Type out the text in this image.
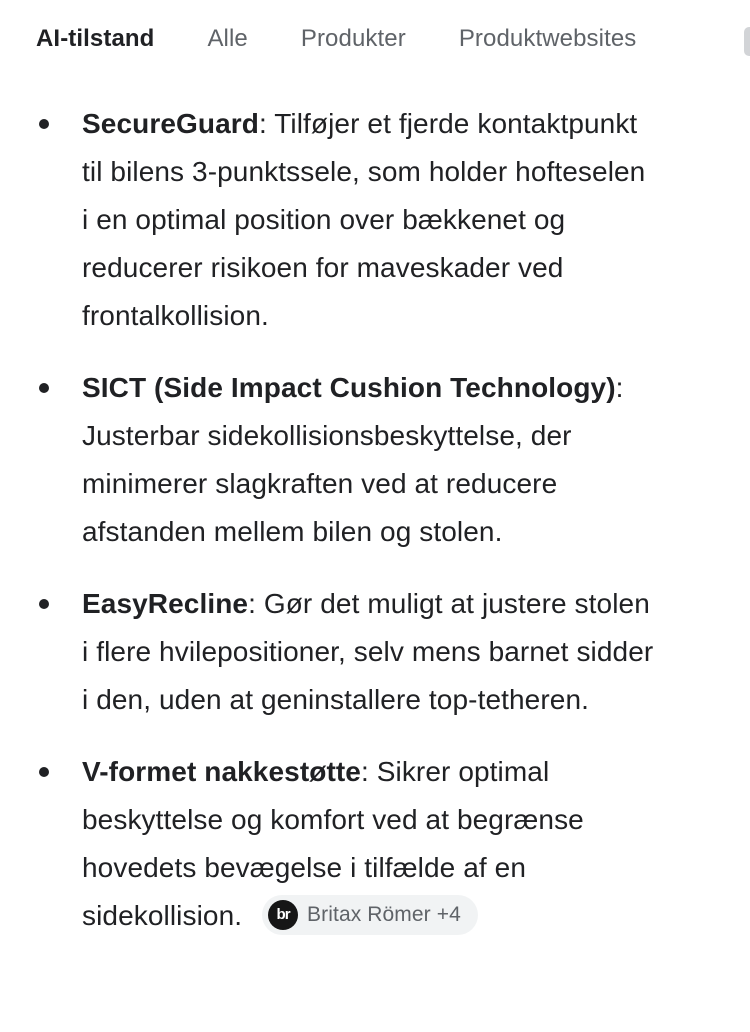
AI-tilstand Alle Produkter Produktwebsites
SecureGuard: Tilføjer et fjerde kontaktpunkt til bilens 3-punktssele, som holder hofteselen i en optimal position over bækkenet og reducerer risikoen for maveskader ved frontalkollision.
SICT (Side Impact Cushion Technology): Justerbar sidekollisionsbeskyttelse, der minimerer slagkraften ved at reducere afstanden mellem bilen og stolen.
EasyRecline: Gør det muligt at justere stolen i flere hvilepositioner, selv mens barnet sidder i den, uden at geninstallere top-tetheren.
V-formet nakkestøtte: Sikrer optimal beskyttelse og komfort ved at begrænse hovedets bevægelse i tilfælde af en sidekollision.	br Britax Römer +4
